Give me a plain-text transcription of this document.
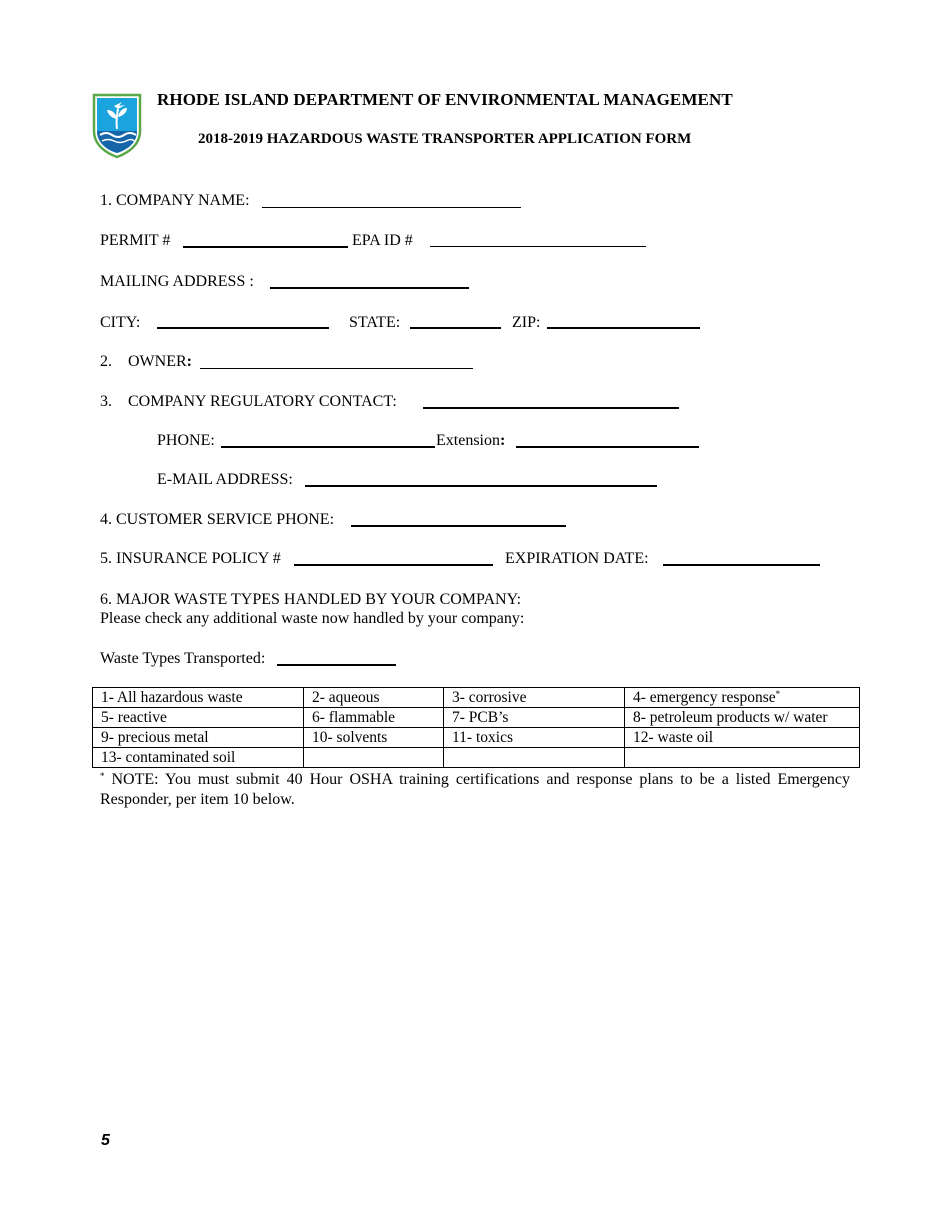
RHODE ISLAND DEPARTMENT OF ENVIRONMENTAL MANAGEMENT
2018-2019 HAZARDOUS WASTE TRANSPORTER APPLICATION FORM
1. COMPANY NAME:
PERMIT #	EPA ID #
MAILING ADDRESS :
CITY:	STATE:	ZIP:
2. OWNER:
3. COMPANY REGULATORY CONTACT:
PHONE:	Extension:
E-MAIL ADDRESS:
4. CUSTOMER SERVICE PHONE:
5. INSURANCE POLICY #	EXPIRATION DATE:
6. MAJOR WASTE TYPES HANDLED BY YOUR COMPANY:
Please check any additional waste now handled by your company:
Waste Types Transported:
1- All hazardous waste	2- aqueous	3- corrosive	4- emergency response*
5- reactive	6- flammable	7- PCB’s	8- petroleum products w/ water
9- precious metal	10- solvents	11- toxics	12- waste oil
13- contaminated soil			
* NOTE: You must submit 40 Hour OSHA training certifications and response plans to be a listed Emergency Responder, per item 10 below.
5
